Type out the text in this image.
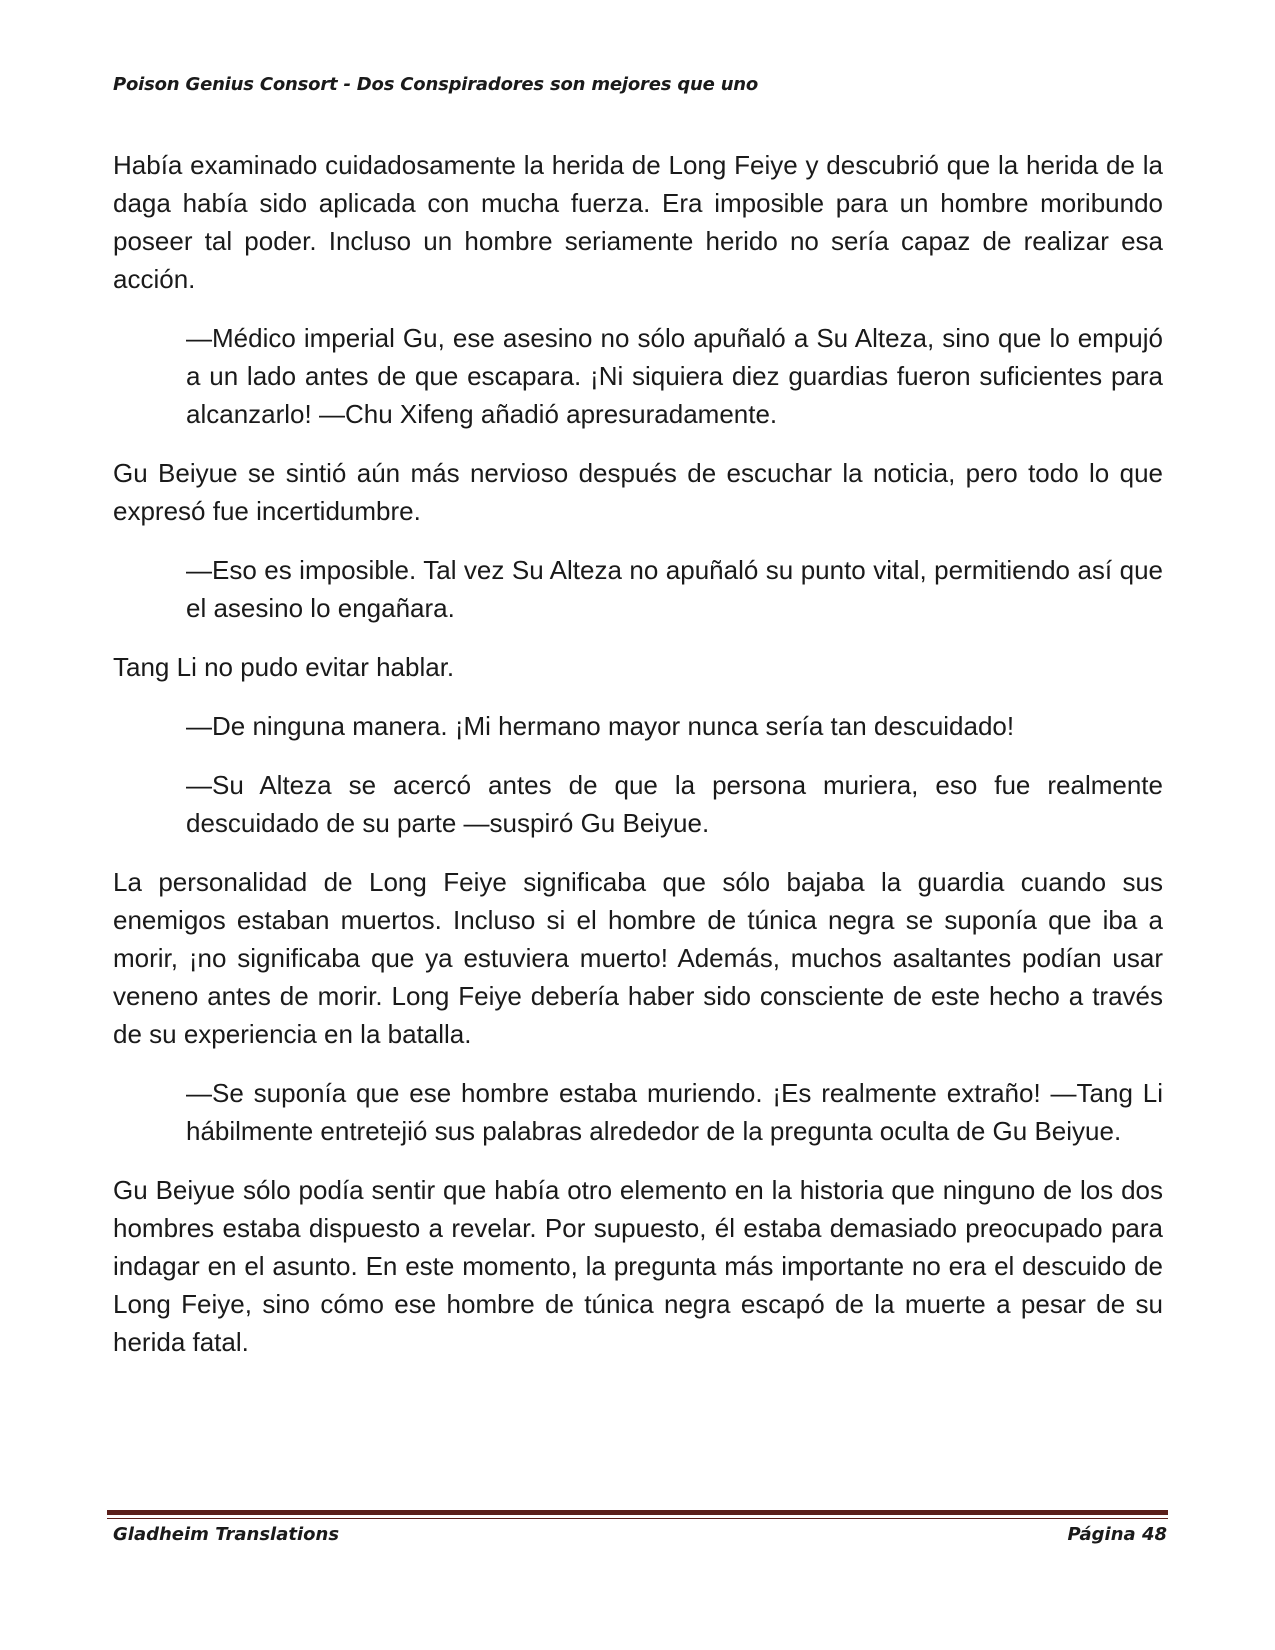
Poison Genius Consort - Dos Conspiradores son mejores que uno

Había examinado cuidadosamente la herida de Long Feiye y descubrió que la herida de la daga había sido aplicada con mucha fuerza. Era imposible para un hombre moribundo poseer tal poder. Incluso un hombre seriamente herido no sería capaz de realizar esa acción.

—Médico imperial Gu, ese asesino no sólo apuñaló a Su Alteza, sino que lo empujó a un lado antes de que escapara. ¡Ni siquiera diez guardias fueron suficientes para alcanzarlo! —Chu Xifeng añadió apresuradamente.

Gu Beiyue se sintió aún más nervioso después de escuchar la noticia, pero todo lo que expresó fue incertidumbre.

—Eso es imposible. Tal vez Su Alteza no apuñaló su punto vital, permitiendo así que el asesino lo engañara.

Tang Li no pudo evitar hablar.

—De ninguna manera. ¡Mi hermano mayor nunca sería tan descuidado!

—Su Alteza se acercó antes de que la persona muriera, eso fue realmente descuidado de su parte —suspiró Gu Beiyue.

La personalidad de Long Feiye significaba que sólo bajaba la guardia cuando sus enemigos estaban muertos. Incluso si el hombre de túnica negra se suponía que iba a morir, ¡no significaba que ya estuviera muerto! Además, muchos asaltantes podían usar veneno antes de morir. Long Feiye debería haber sido consciente de este hecho a través de su experiencia en la batalla.

—Se suponía que ese hombre estaba muriendo. ¡Es realmente extraño! —Tang Li hábilmente entretejió sus palabras alrededor de la pregunta oculta de Gu Beiyue.

Gu Beiyue sólo podía sentir que había otro elemento en la historia que ninguno de los dos hombres estaba dispuesto a revelar. Por supuesto, él estaba demasiado preocupado para indagar en el asunto. En este momento, la pregunta más importante no era el descuido de Long Feiye, sino cómo ese hombre de túnica negra escapó de la muerte a pesar de su herida fatal.

Gladheim Translations	Página 48
